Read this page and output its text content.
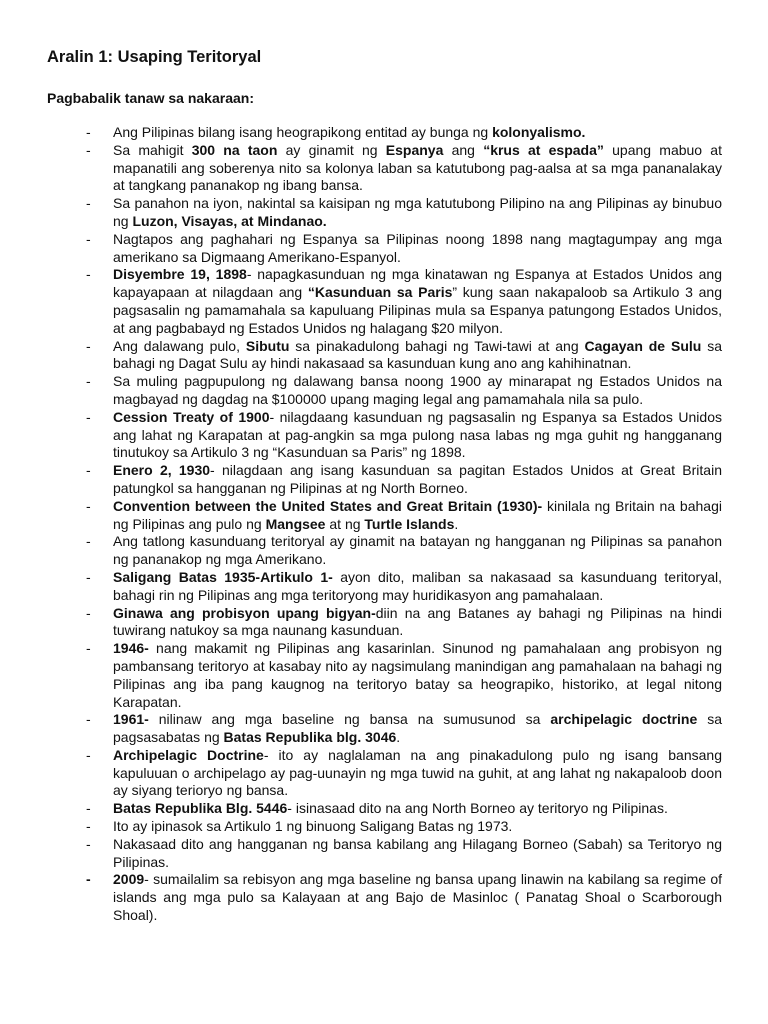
Aralin 1: Usaping Teritoryal
Pagbabalik tanaw sa nakaraan:
- Ang Pilipinas bilang isang heograpikong entitad ay bunga ng kolonyalismo.
- Sa mahigit 300 na taon ay ginamit ng Espanya ang “krus at espada” upang mabuo at mapanatili ang soberenya nito sa kolonya laban sa katutubong pag-aalsa at sa mga pananalakay at tangkang pananakop ng ibang bansa.
- Sa panahon na iyon, nakintal sa kaisipan ng mga katutubong Pilipino na ang Pilipinas ay binubuo ng Luzon, Visayas, at Mindanao.
- Nagtapos ang paghahari ng Espanya sa Pilipinas noong 1898 nang magtagumpay ang mga amerikano sa Digmaang Amerikano-Espanyol.
- Disyembre 19, 1898- napagkasunduan ng mga kinatawan ng Espanya at Estados Unidos ang kapayapaan at nilagdaan ang “Kasunduan sa Paris” kung saan nakapaloob sa Artikulo 3 ang pagsasalin ng pamamahala sa kapuluang Pilipinas mula sa Espanya patungong Estados Unidos, at ang pagbabayd ng Estados Unidos ng halagang $20 milyon.
- Ang dalawang pulo, Sibutu sa pinakadulong bahagi ng Tawi-tawi at ang Cagayan de Sulu sa bahagi ng Dagat Sulu ay hindi nakasaad sa kasunduan kung ano ang kahihinatnan.
- Sa muling pagpupulong ng dalawang bansa noong 1900 ay minarapat ng Estados Unidos na magbayad ng dagdag na $100000 upang maging legal ang pamamahala nila sa pulo.
- Cession Treaty of 1900- nilagdaang kasunduan ng pagsasalin ng Espanya sa Estados Unidos ang lahat ng Karapatan at pag-angkin sa mga pulong nasa labas ng mga guhit ng hangganang tinutukoy sa Artikulo 3 ng “Kasunduan sa Paris” ng 1898.
- Enero 2, 1930- nilagdaan ang isang kasunduan sa pagitan Estados Unidos at Great Britain patungkol sa hangganan ng Pilipinas at ng North Borneo.
- Convention between the United States and Great Britain (1930)- kinilala ng Britain na bahagi ng Pilipinas ang pulo ng Mangsee at ng Turtle Islands.
- Ang tatlong kasunduang teritoryal ay ginamit na batayan ng hangganan ng Pilipinas sa panahon ng pananakop ng mga Amerikano.
- Saligang Batas 1935-Artikulo 1- ayon dito, maliban sa nakasaad sa kasunduang teritoryal, bahagi rin ng Pilipinas ang mga teritoryong may huridikasyon ang pamahalaan.
- Ginawa ang probisyon upang bigyan-diin na ang Batanes ay bahagi ng Pilipinas na hindi tuwirang natukoy sa mga naunang kasunduan.
- 1946- nang makamit ng Pilipinas ang kasarinlan. Sinunod ng pamahalaan ang probisyon ng pambansang teritoryo at kasabay nito ay nagsimulang manindigan ang pamahalaan na bahagi ng Pilipinas ang iba pang kaugnog na teritoryo batay sa heograpiko, historiko, at legal nitong Karapatan.
- 1961- nilinaw ang mga baseline ng bansa na sumusunod sa archipelagic doctrine sa pagsasabatas ng Batas Republika blg. 3046.
- Archipelagic Doctrine- ito ay naglalaman na ang pinakadulong pulo ng isang bansang kapuluuan o archipelago ay pag-uunayin ng mga tuwid na guhit, at ang lahat ng nakapaloob doon ay siyang terioryo ng bansa.
- Batas Republika Blg. 5446- isinasaad dito na ang North Borneo ay teritoryo ng Pilipinas.
- Ito ay ipinasok sa Artikulo 1 ng binuong Saligang Batas ng 1973.
- Nakasaad dito ang hangganan ng bansa kabilang ang Hilagang Borneo (Sabah) sa Teritoryo ng Pilipinas.
- 2009- sumailalim sa rebisyon ang mga baseline ng bansa upang linawin na kabilang sa regime of islands ang mga pulo sa Kalayaan at ang Bajo de Masinloc ( Panatag Shoal o Scarborough Shoal).
